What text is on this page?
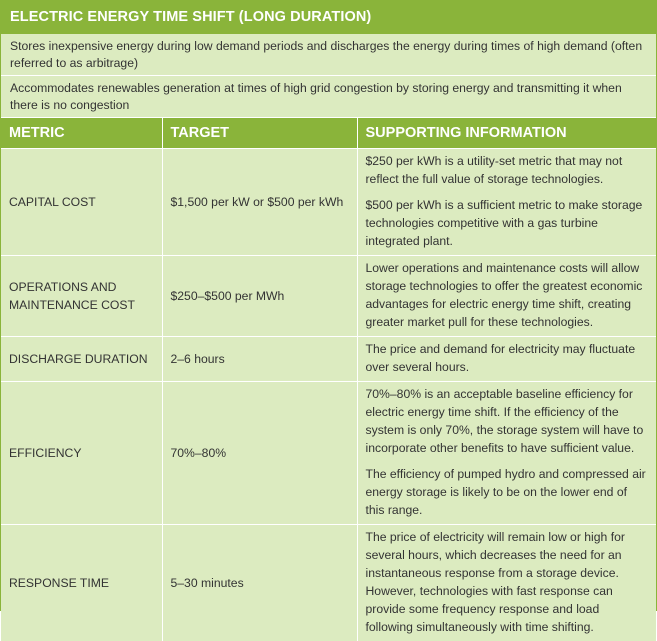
ELECTRIC ENERGY TIME SHIFT (LONG DURATION)
Stores inexpensive energy during low demand periods and discharges the energy during times of high demand (often referred to as arbitrage)
Accommodates renewables generation at times of high grid congestion by storing energy and transmitting it when there is no congestion
METRIC	TARGET	SUPPORTING INFORMATION
CAPITAL COST	$1,500 per kW or $500 per kWh	$250 per kWh is a utility-set metric that may not reflect the full value of storage technologies.

$500 per kWh is a sufficient metric to make storage technologies competitive with a gas turbine integrated plant.

OPERATIONS AND MAINTENANCE COST	$250–$500 per MWh	Lower operations and maintenance costs will allow storage technologies to offer the greatest economic advantages for electric energy time shift, creating greater market pull for these technologies.

DISCHARGE DURATION	2–6 hours	The price and demand for electricity may fluctuate over several hours.

EFFICIENCY	70%–80%	70%–80% is an acceptable baseline efficiency for electric energy time shift. If the efficiency of the system is only 70%, the storage system will have to incorporate other benefits to have sufficient value.

The efficiency of pumped hydro and compressed air energy storage is likely to be on the lower end of this range.

RESPONSE TIME	5–30 minutes	The price of electricity will remain low or high for several hours, which decreases the need for an instantaneous response from a storage device. However, technologies with fast response can provide some frequency response and load following simultaneously with time shifting.
